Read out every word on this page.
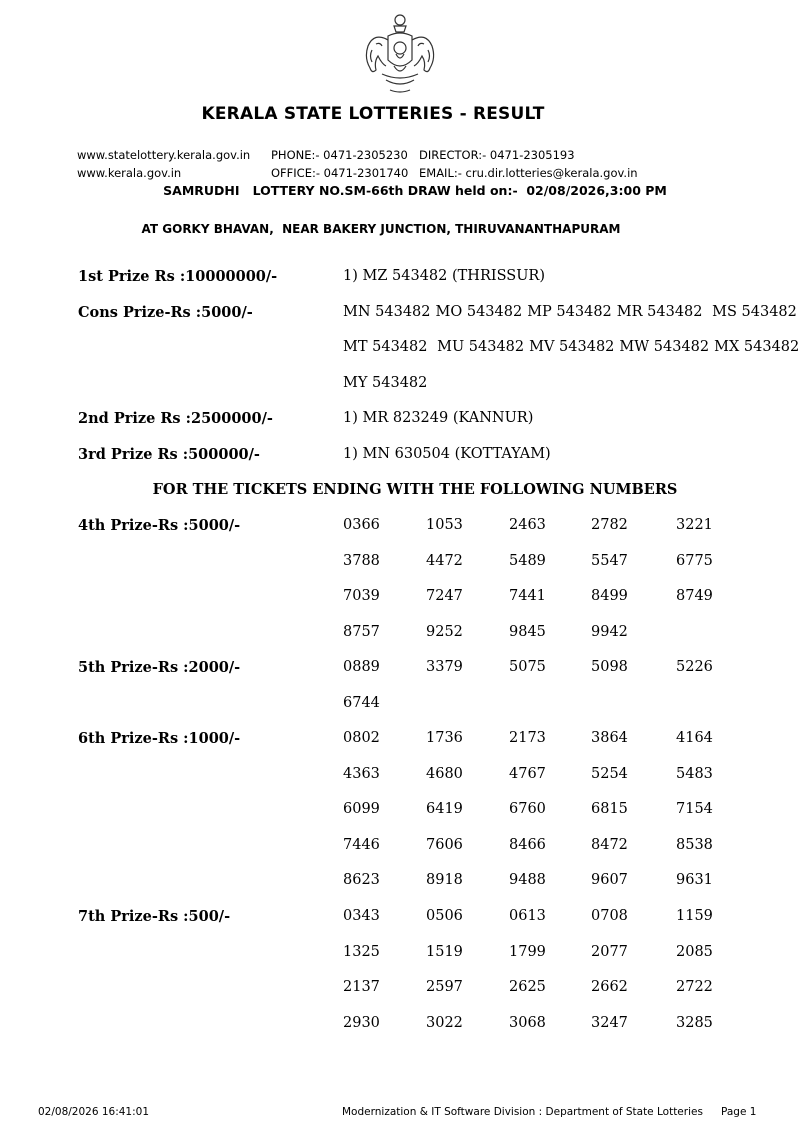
KERALA STATE LOTTERIES - RESULT
www.statelottery.kerala.gov.in PHONE:- 0471-2305230 DIRECTOR:- 0471-2305193
www.kerala.gov.in	OFFICE:- 0471-2301740 EMAIL:- cru.dir.lotteries@kerala.gov.in
SAMRUDHI   LOTTERY NO.SM-66th DRAW held on:-  02/08/2026,3:00 PM
AT GORKY BHAVAN,  NEAR BAKERY JUNCTION, THIRUVANANTHAPURAM
1st Prize Rs :10000000/-	1) MZ 543482 (THRISSUR)
Cons Prize-Rs :5000/-	MN 543482 MO 543482 MP 543482 MR 543482 MS 543482
MT 543482 MU 543482 MV 543482 MW 543482 MX 543482
MY 543482
2nd Prize Rs :2500000/-	1) MR 823249 (KANNUR)
3rd Prize Rs :500000/-	1) MN 630504 (KOTTAYAM)
FOR THE TICKETS ENDING WITH THE FOLLOWING NUMBERS
4th Prize-Rs :5000/-	0366	1053	2463	2782	3221
3788	4472	5489	5547	6775
7039	7247	7441	8499	8749
8757	9252	9845	9942
5th Prize-Rs :2000/-	0889	3379	5075	5098	5226
6744
6th Prize-Rs :1000/-	0802	1736	2173	3864	4164
4363	4680	4767	5254	5483
6099	6419	6760	6815	7154
7446	7606	8466	8472	8538
8623	8918	9488	9607	9631
7th Prize-Rs :500/-	0343	0506	0613	0708	1159
1325	1519	1799	2077	2085
2137	2597	2625	2662	2722
2930	3022	3068	3247	3285
02/08/2026 16:41:01	Modernization & IT Software Division : Department of State Lotteries Page 1
